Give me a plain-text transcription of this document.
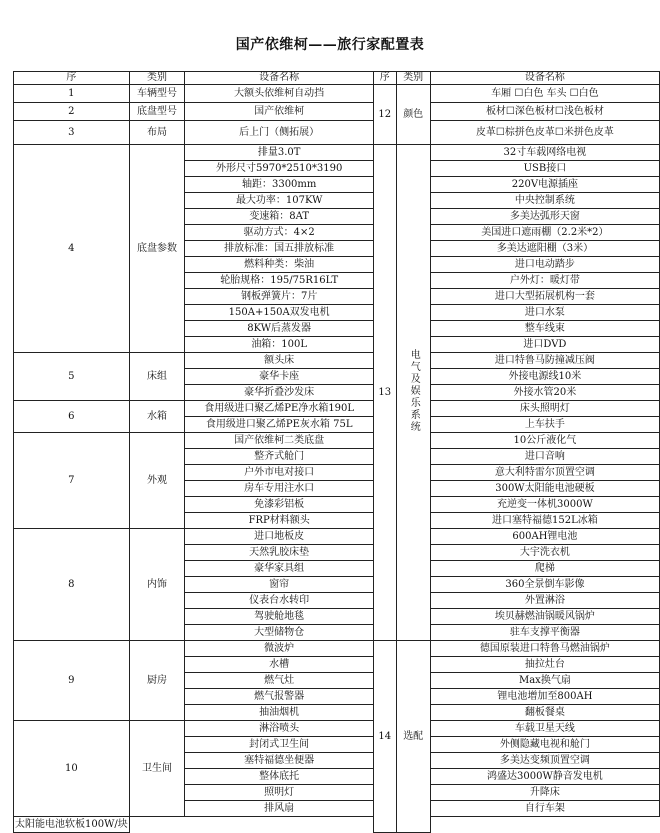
国产依维柯——旅行家配置表
序	类别	设备名称	序	类别	设备名称
1	车辆型号	大额头依维柯自动挡	12	颜色	车厢 ☐白色 车头 ☐白色
2	底盘型号	国产依维柯			板材☐深色板材☐浅色板材
3	布局	后上门（侧拓展）			皮革☐棕拼色皮革☐米拼色皮革
4	底盘参数	排量3.0T	13	电气及娱乐系统	32寸车载网络电视
		外形尺寸5970*2510*3190			USB接口
		轴距：3300mm			220V电源插座
		最大功率：107KW			中央控制系统
		变速箱：8AT			多美达弧形天窗
		驱动方式：4×2			美国进口遮雨棚（2.2米*2）
		排放标准：国五排放标准			多美达遮阳棚（3米）
		燃料种类：柴油			进口电动踏步
		轮胎规格：195/75R16LT			户外灯：暖灯带
		钢板弹簧片：7片			进口大型拓展机构一套
		150A+150A双发电机			进口水泵
		8KW后蒸发器			整车线束
		油箱：100L			进口DVD
5	床组	额头床			进口特鲁马防撞减压阀
		豪华卡座			外接电源线10米
		豪华折叠沙发床			外接水管20米
6	水箱	食用级进口聚乙烯PE净水箱190L			床头照明灯
		食用级进口聚乙烯PE灰水箱 75L			上车扶手
7	外观	国产依维柯二类底盘			10公斤液化气
		整齐式舱门			进口音响
		户外市电对接口			意大利特雷尔顶置空调
		房车专用注水口			300W太阳能电池硬板
		免漆彩铝板			充逆变一体机3000W
		FRP材料额头			进口塞特福德152L冰箱
8	内饰	进口地板皮			600AH锂电池
		天然乳胶床垫			大宇洗衣机
		豪华家具组			爬梯
		窗帘			360全景倒车影像
		仪表台水转印			外置淋浴
		驾驶舱地毯			埃贝赫燃油锅暖风锅炉
		大型储物仓			驻车支撑平衡器
9	厨房	微波炉	14	选配	德国原装进口特鲁马燃油锅炉
		水槽			抽拉灶台
		燃气灶			Max换气扇
		燃气报警器			锂电池增加至800AH
		抽油烟机			翻板餐桌
10	卫生间	淋浴喷头			车载卫星天线
		封闭式卫生间			外侧隐藏电视和舱门
		塞特福德坐便器			多美达变频顶置空调
		整体底托			鸿盛达3000W静音发电机
		照明灯			升降床
		排风扇			自行车架
太阳能电池软板100W/块					
